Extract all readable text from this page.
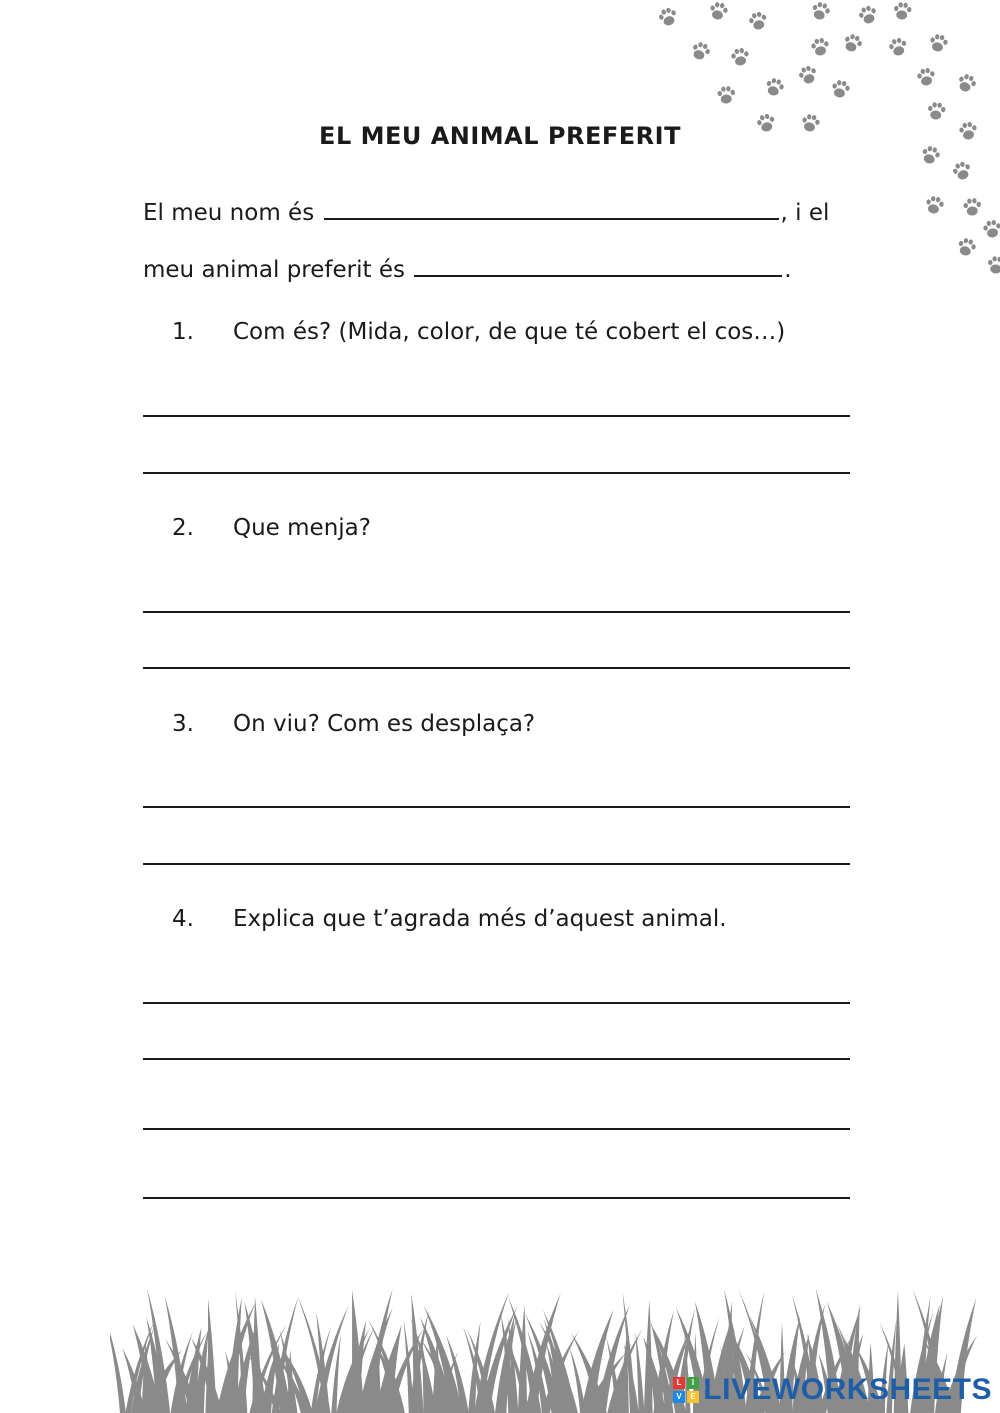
EL MEU ANIMAL PREFERIT
El meu nom és	, i el
meu animal preferit és	.
1. Com és? (Mida, color, de que té cobert el cos…)
2. Que menja?
3. On viu? Com es desplaça?
4. Explica que t’agrada més d’aquest animal.
L	I
V	E LIVEWORKSHEETS
